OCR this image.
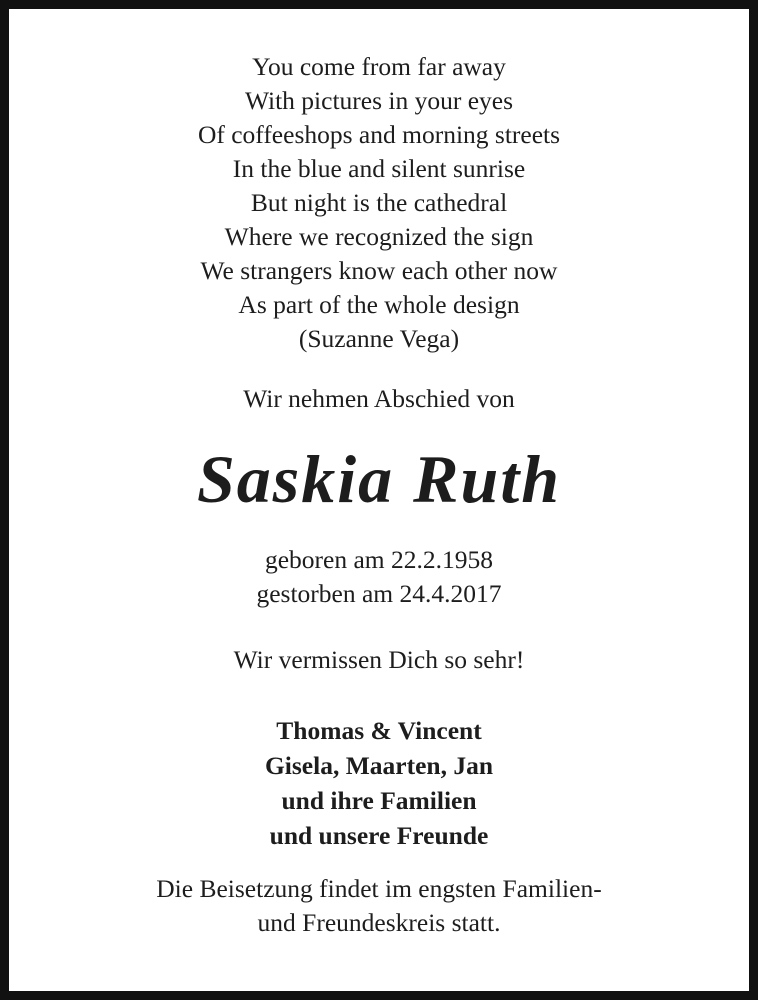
You come from far away
With pictures in your eyes
Of coffeeshops and morning streets
In the blue and silent sunrise
But night is the cathedral
Where we recognized the sign
We strangers know each other now
As part of the whole design
(Suzanne Vega)
Wir nehmen Abschied von
Saskia Ruth
geboren am 22.2.1958
gestorben am 24.4.2017
Wir vermissen Dich so sehr!
Thomas & Vincent
Gisela, Maarten, Jan
und ihre Familien
und unsere Freunde
Die Beisetzung findet im engsten Familien-
und Freundeskreis statt.
